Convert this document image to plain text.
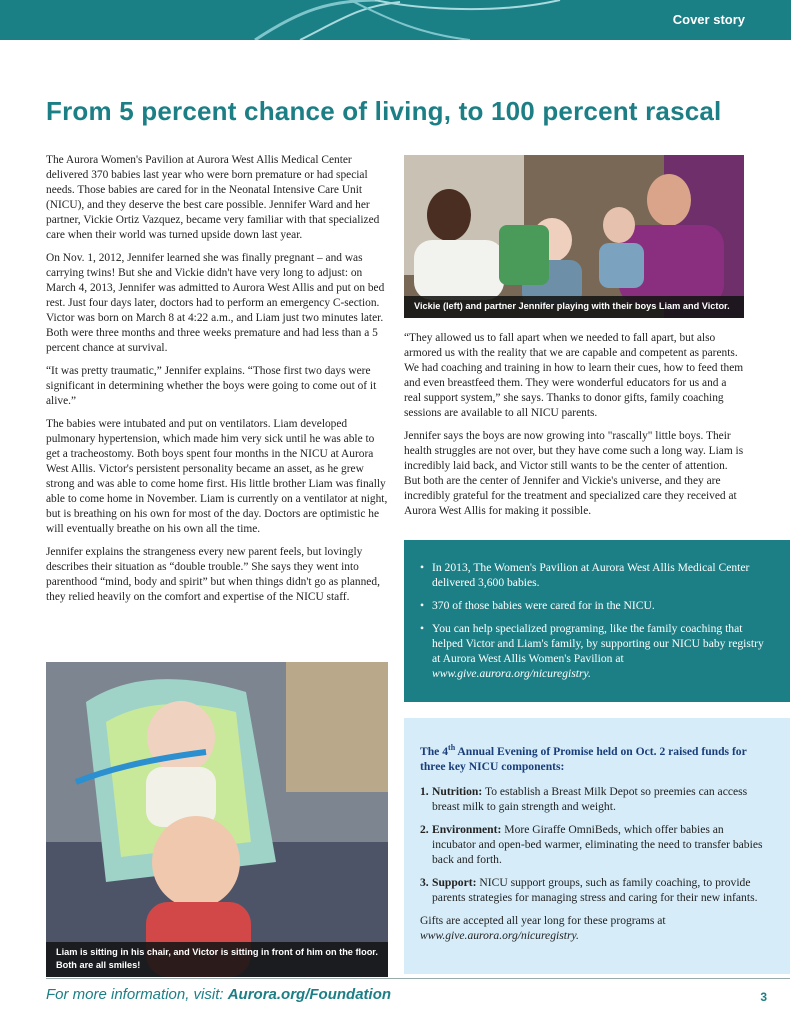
Cover story
From 5 percent chance of living, to 100 percent rascal

The Aurora Women's Pavilion at Aurora West Allis Medical Center delivered 370 babies last year who were born premature or had special needs. Those babies are cared for in the Neonatal Intensive Care Unit (NICU), and they deserve the best care possible. Jennifer Ward and her partner, Vickie Ortiz Vazquez, became very familiar with that specialized care when their world was turned upside down last year.

On Nov. 1, 2012, Jennifer learned she was finally pregnant – and was carrying twins! But she and Vickie didn't have very long to adjust: on March 4, 2013, Jennifer was admitted to Aurora West Allis and put on bed rest. Just four days later, doctors had to perform an emergency C-section. Victor was born on March 8 at 4:22 a.m., and Liam just two minutes later. Both were three months and three weeks premature and had less than a 5 percent chance at survival.

“It was pretty traumatic,” Jennifer explains. “Those first two days were significant in determining whether the boys were going to come out of it alive.”

The babies were intubated and put on ventilators. Liam developed pulmonary hypertension, which made him very sick until he was able to get a tracheostomy. Both boys spent four months in the NICU at Aurora West Allis. Victor's persistent personality became an asset, as he grew strong and was able to come home first. His little brother Liam was finally able to come home in November. Liam is currently on a ventilator at night, but is breathing on his own for most of the day. Doctors are optimistic he will eventually breathe on his own all the time.

Jennifer explains the strangeness every new parent feels, but lovingly describes their situation as “double trouble.” She says they went into parenthood “mind, body and spirit” but when things didn't go as planned, they relied heavily on the comfort and expertise of the NICU staff.

Vickie (left) and partner Jennifer playing with their boys Liam and Victor.

“They allowed us to fall apart when we needed to fall apart, but also armored us with the reality that we are capable and competent as parents. We had coaching and training in how to learn their cues, how to feed them and even breastfeed them. They were wonderful educators for us and a real support system,” she says. Thanks to donor gifts, family coaching sessions are available to all NICU parents.

Jennifer says the boys are now growing into "rascally" little boys. Their health struggles are not over, but they have come such a long way. Liam is incredibly laid back, and Victor still wants to be the center of attention. But both are the center of Jennifer and Vickie's universe, and they are incredibly grateful for the treatment and specialized care they received at Aurora West Allis for making it possible.

• In 2013, The Women's Pavilion at Aurora West Allis Medical Center delivered 3,600 babies.
• 370 of those babies were cared for in the NICU.
• You can help specialized programing, like the family coaching that helped Victor and Liam's family, by supporting our NICU baby registry at Aurora West Allis Women's Pavilion at www.give.aurora.org/nicuregistry.
Liam is sitting in his chair, and Victor is sitting in front of him on the floor. Both are all smiles!
The 4th Annual Evening of Promise held on Oct. 2 raised funds for three key NICU components:
1. Nutrition: To establish a Breast Milk Depot so preemies can access breast milk to gain strength and weight.
2. Environment: More Giraffe OmniBeds, which offer babies an incubator and open-bed warmer, eliminating the need to transfer babies back and forth.
3. Support: NICU support groups, such as family coaching, to provide parents strategies for managing stress and caring for their new infants.

Gifts are accepted all year long for these programs at www.give.aurora.org/nicuregistry.

For more information, visit: Aurora.org/Foundation	3
